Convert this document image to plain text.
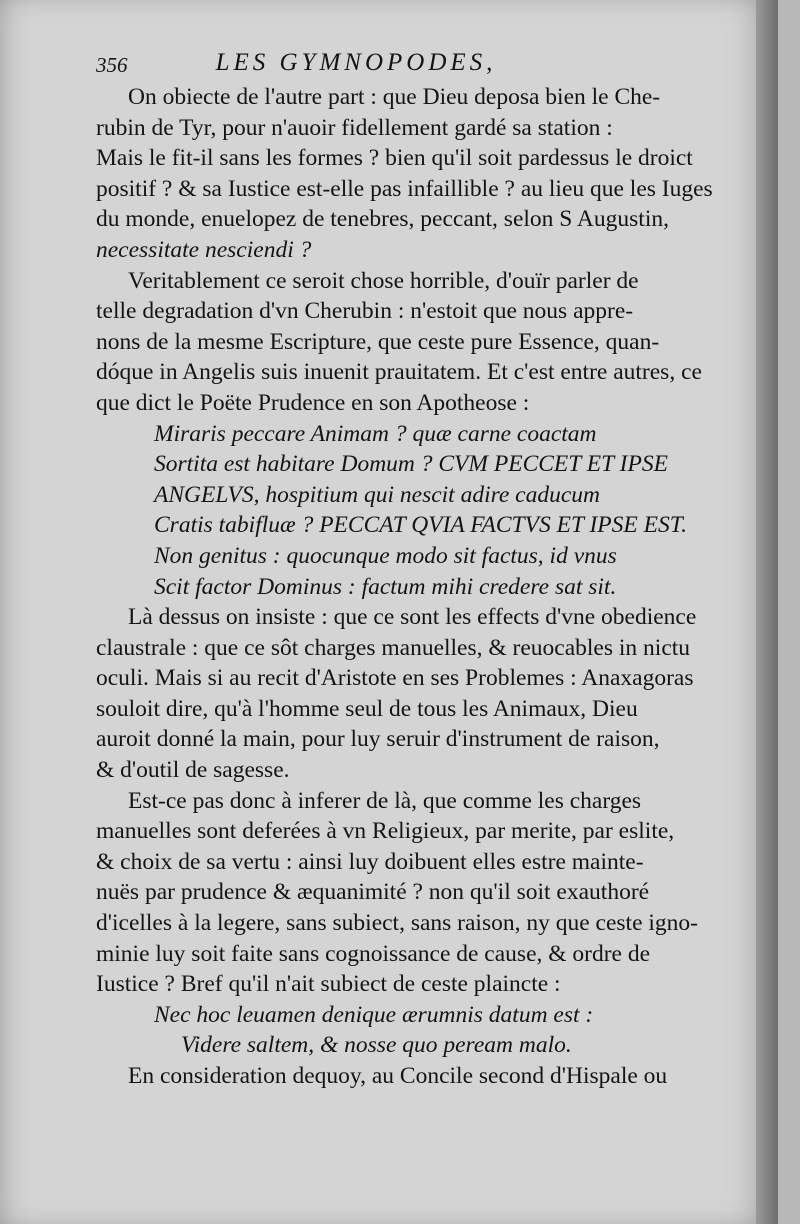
356	LES GYMNOPODES,

On obiecte de l'autre part : que Dieu deposa bien le Che-
rubin de Tyr, pour n'auoir fidellement gardé sa station :
Mais le fit-il sans les formes ? bien qu'il soit pardessus le droict
positif ? & sa Iustice est-elle pas infaillible ? au lieu que les Iuges
du monde, enuelopez de tenebres, peccant, selon S Augustin,
necessitate nesciendi ?

Veritablement ce seroit chose horrible, d'ouïr parler de
telle degradation d'vn Cherubin : n'estoit que nous appre-
nons de la mesme Escripture, que ceste pure Essence, quan-
dóque in Angelis suis inuenit prauitatem. Et c'est entre autres, ce
que dict le Poëte Prudence en son Apotheose :

Miraris peccare Animam ? quæ carne coactam
Sortita est habitare Domum ? CVM PECCET ET IPSE
ANGELVS, hospitium qui nescit adire caducum
Cratis tabifluæ ? PECCAT QVIA FACTVS ET IPSE EST.
Non genitus : quocunque modo sit factus, id vnus
Scit factor Dominus : factum mihi credere sat sit.

Là dessus on insiste : que ce sont les effects d'vne obedience
claustrale : que ce sôt charges manuelles, & reuocables in nictu
oculi. Mais si au recit d'Aristote en ses Problemes : Anaxagoras
souloit dire, qu'à l'homme seul de tous les Animaux, Dieu
auroit donné la main, pour luy seruir d'instrument de raison,
& d'outil de sagesse.

Est-ce pas donc à inferer de là, que comme les charges
manuelles sont deferées à vn Religieux, par merite, par eslite,
& choix de sa vertu : ainsi luy doibuent elles estre mainte-
nuës par prudence & æquanimité ? non qu'il soit exauthoré
d'icelles à la legere, sans subiect, sans raison, ny que ceste igno-
minie luy soit faite sans cognoissance de cause, & ordre de
Iustice ? Bref qu'il n'ait subiect de ceste plaincte :

Nec hoc leuamen denique ærumnis datum est :
Videre saltem, & nosse quo peream malo.

En consideration dequoy, au Concile second d'Hispale ou
